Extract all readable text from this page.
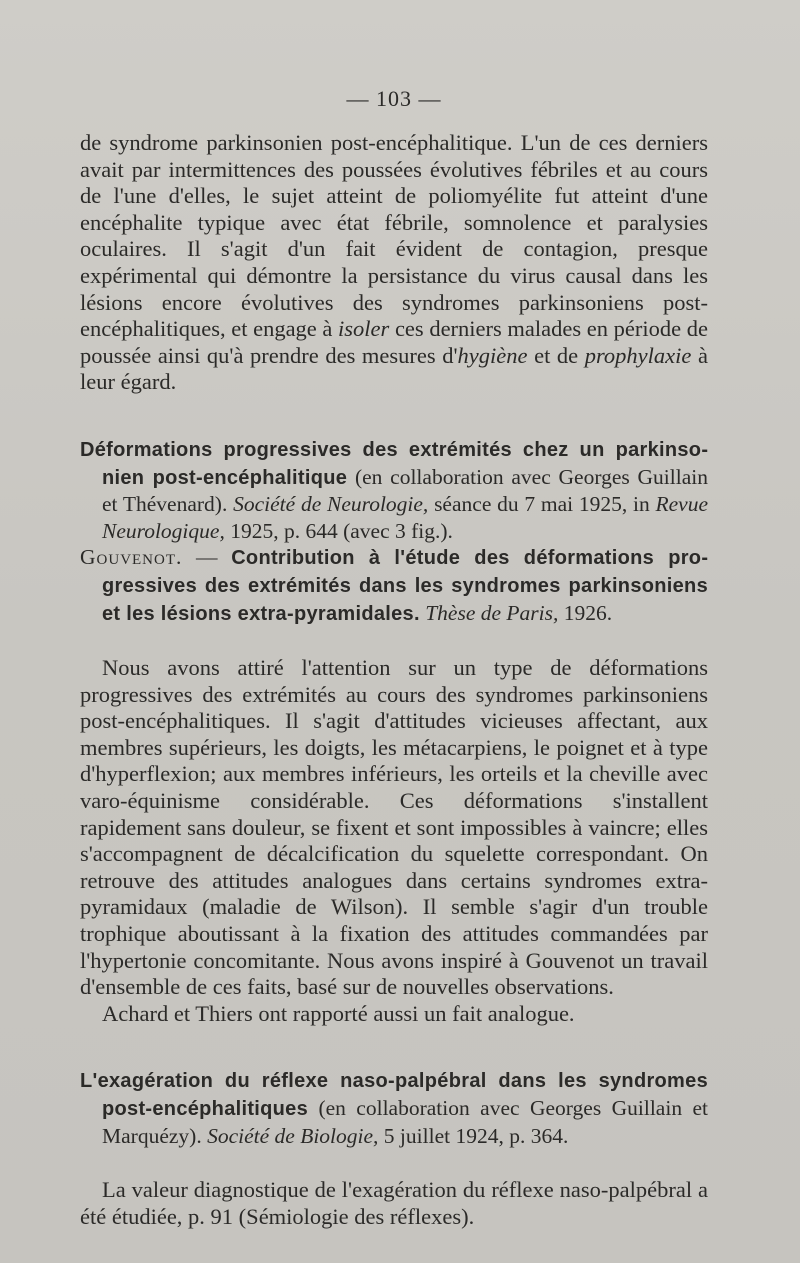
— 103 —

de syndrome parkinsonien post-encéphalitique. L'un de ces derniers avait par intermittences des poussées évolutives fébriles et au cours de l'une d'elles, le sujet atteint de poliomyélite fut atteint d'une encéphalite typique avec état fébrile, somnolence et paralysies oculaires. Il s'agit d'un fait évident de contagion, presque expérimental qui démontre la persistance du virus causal dans les lésions encore évolutives des syndromes parkinsoniens post-encéphalitiques, et engage à isoler ces derniers malades en période de poussée ainsi qu'à prendre des mesures d'hygiène et de prophylaxie à leur égard.

Déformations progressives des extrémités chez un parkinsonien post-encéphalitique (en collaboration avec Georges Guillain et Thévenard). Société de Neurologie, séance du 7 mai 1925, in Revue Neurologique, 1925, p. 644 (avec 3 fig.).

Gouvenot. — Contribution à l'étude des déformations progressives des extrémités dans les syndromes parkinsoniens et les lésions extra-pyramidales. Thèse de Paris, 1926.

Nous avons attiré l'attention sur un type de déformations progressives des extrémités au cours des syndromes parkinsoniens post-encéphalitiques. Il s'agit d'attitudes vicieuses affectant, aux membres supérieurs, les doigts, les métacarpiens, le poignet et à type d'hyperflexion; aux membres inférieurs, les orteils et la cheville avec varo-équinisme considérable. Ces déformations s'installent rapidement sans douleur, se fixent et sont impossibles à vaincre; elles s'accompagnent de décalcification du squelette correspondant. On retrouve des attitudes analogues dans certains syndromes extra-pyramidaux (maladie de Wilson). Il semble s'agir d'un trouble trophique aboutissant à la fixation des attitudes commandées par l'hypertonie concomitante. Nous avons inspiré à Gouvenot un travail d'ensemble de ces faits, basé sur de nouvelles observations.

Achard et Thiers ont rapporté aussi un fait analogue.

L'exagération du réflexe naso-palpébral dans les syndromes post-encéphalitiques (en collaboration avec Georges Guillain et Marquézy). Société de Biologie, 5 juillet 1924, p. 364.

La valeur diagnostique de l'exagération du réflexe naso-palpébral a été étudiée, p. 91 (Sémiologie des réflexes).
